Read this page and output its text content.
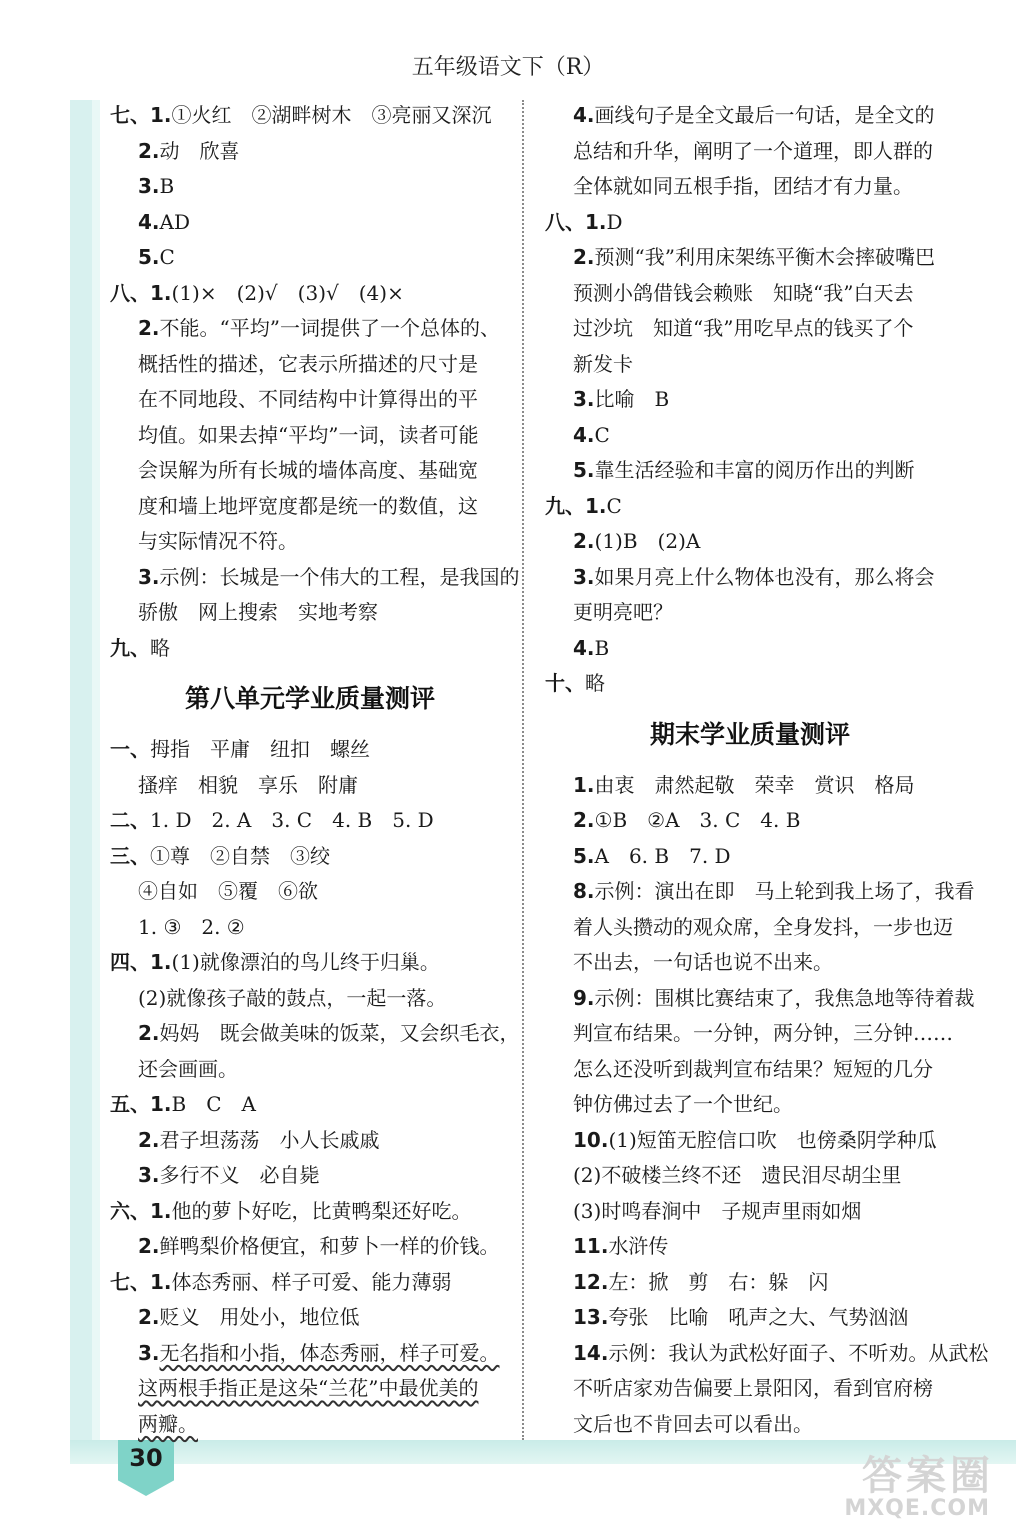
30
五年级语文下（R）
七、1.①火红　②湖畔树木　③亮丽又深沉
2.动　欣喜
3.B
4.AD
5.C
八、1.(1)×　(2)√　(3)√　(4)×
2.不能。“平均”一词提供了一个总体的、
概括性的描述，它表示所描述的尺寸是
在不同地段、不同结构中计算得出的平
均值。如果去掉“平均”一词，读者可能
会误解为所有长城的墙体高度、基础宽
度和墙上地坪宽度都是统一的数值，这
与实际情况不符。
3.示例：长城是一个伟大的工程，是我国的
骄傲　网上搜索　实地考察
九、略
第八单元学业质量测评
一、拇指　平庸　纽扣　螺丝
搔痒　相貌　享乐　附庸
二、1. D　2. A　3. C　4. B　5. D
三、①尊　②自禁　③绞
④自如　⑤覆　⑥欲
1. ③　2. ②
四、1.(1)就像漂泊的鸟儿终于归巢。
(2)就像孩子敲的鼓点，一起一落。
2.妈妈　既会做美味的饭菜，又会织毛衣，
还会画画。
五、1.B　C　A
2.君子坦荡荡　小人长戚戚
3.多行不义　必自毙
六、1.他的萝卜好吃，比黄鸭梨还好吃。
2.鲜鸭梨价格便宜，和萝卜一样的价钱。
七、1.体态秀丽、样子可爱、能力薄弱
2.贬义　用处小，地位低
3.无名指和小指，体态秀丽，样子可爱。
这两根手指正是这朵“兰花”中最优美的
两瓣。
4.画线句子是全文最后一句话，是全文的
总结和升华，阐明了一个道理，即人群的
全体就如同五根手指，团结才有力量。
八、1.D
2.预测“我”利用床架练平衡木会摔破嘴巴
预测小鸽借钱会赖账　知晓“我”白天去
过沙坑　知道“我”用吃早点的钱买了个
新发卡
3.比喻　B
4.C
5.靠生活经验和丰富的阅历作出的判断
九、1.C
2.(1)B　(2)A
3.如果月亮上什么物体也没有，那么将会
更明亮吧？
4.B
十、略
期末学业质量测评
1.由衷　肃然起敬　荣幸　赏识　格局
2.①B　②A　3. C　4. B
5.A　6. B　7. D
8.示例：演出在即　马上轮到我上场了，我看
着人头攒动的观众席，全身发抖，一步也迈
不出去，一句话也说不出来。
9.示例：围棋比赛结束了，我焦急地等待着裁
判宣布结果。一分钟，两分钟，三分钟……
怎么还没听到裁判宣布结果？短短的几分
钟仿佛过去了一个世纪。
10.(1)短笛无腔信口吹　也傍桑阴学种瓜
(2)不破楼兰终不还　遗民泪尽胡尘里
(3)时鸣春涧中　子规声里雨如烟
11.水浒传
12.左：掀　剪　右：躲　闪
13.夸张　比喻　吼声之大、气势汹汹
14.示例：我认为武松好面子、不听劝。从武松
不听店家劝告偏要上景阳冈，看到官府榜
文后也不肯回去可以看出。
答案圈
MXQE.COM
